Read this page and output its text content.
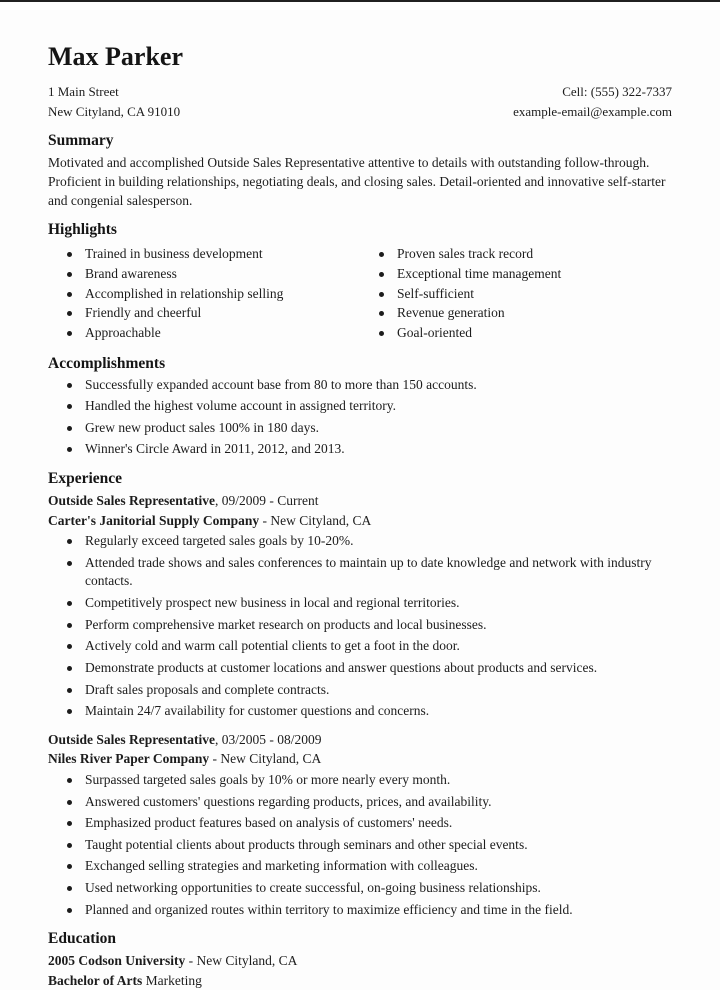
Max Parker
1 Main Street
New Cityland, CA 91010
Cell: (555) 322-7337
example-email@example.com
Summary

Motivated and accomplished Outside Sales Representative attentive to details with outstanding follow-through. Proficient in building relationships, negotiating deals, and closing sales. Detail-oriented and innovative self-starter and congenial salesperson.

Highlights
Trained in business development
Brand awareness
Accomplished in relationship selling
Friendly and cheerful
Approachable
Proven sales track record
Exceptional time management
Self-sufficient
Revenue generation
Goal-oriented
Accomplishments
Successfully expanded account base from 80 to more than 150 accounts.
Handled the highest volume account in assigned territory.
Grew new product sales 100% in 180 days.
Winner's Circle Award in 2011, 2012, and 2013.
Experience
Outside Sales Representative, 09/2009 - Current
Carter's Janitorial Supply Company - New Cityland, CA
Regularly exceed targeted sales goals by 10-20%.
Attended trade shows and sales conferences to maintain up to date knowledge and network with industry contacts.
Competitively prospect new business in local and regional territories.
Perform comprehensive market research on products and local businesses.
Actively cold and warm call potential clients to get a foot in the door.
Demonstrate products at customer locations and answer questions about products and services.
Draft sales proposals and complete contracts.
Maintain 24/7 availability for customer questions and concerns.
Outside Sales Representative, 03/2005 - 08/2009
Niles River Paper Company - New Cityland, CA
Surpassed targeted sales goals by 10% or more nearly every month.
Answered customers' questions regarding products, prices, and availability.
Emphasized product features based on analysis of customers' needs.
Taught potential clients about products through seminars and other special events.
Exchanged selling strategies and marketing information with colleagues.
Used networking opportunities to create successful, on-going business relationships.
Planned and organized routes within territory to maximize efficiency and time in the field.
Education
2005 Codson University - New Cityland, CA
Bachelor of Arts Marketing
